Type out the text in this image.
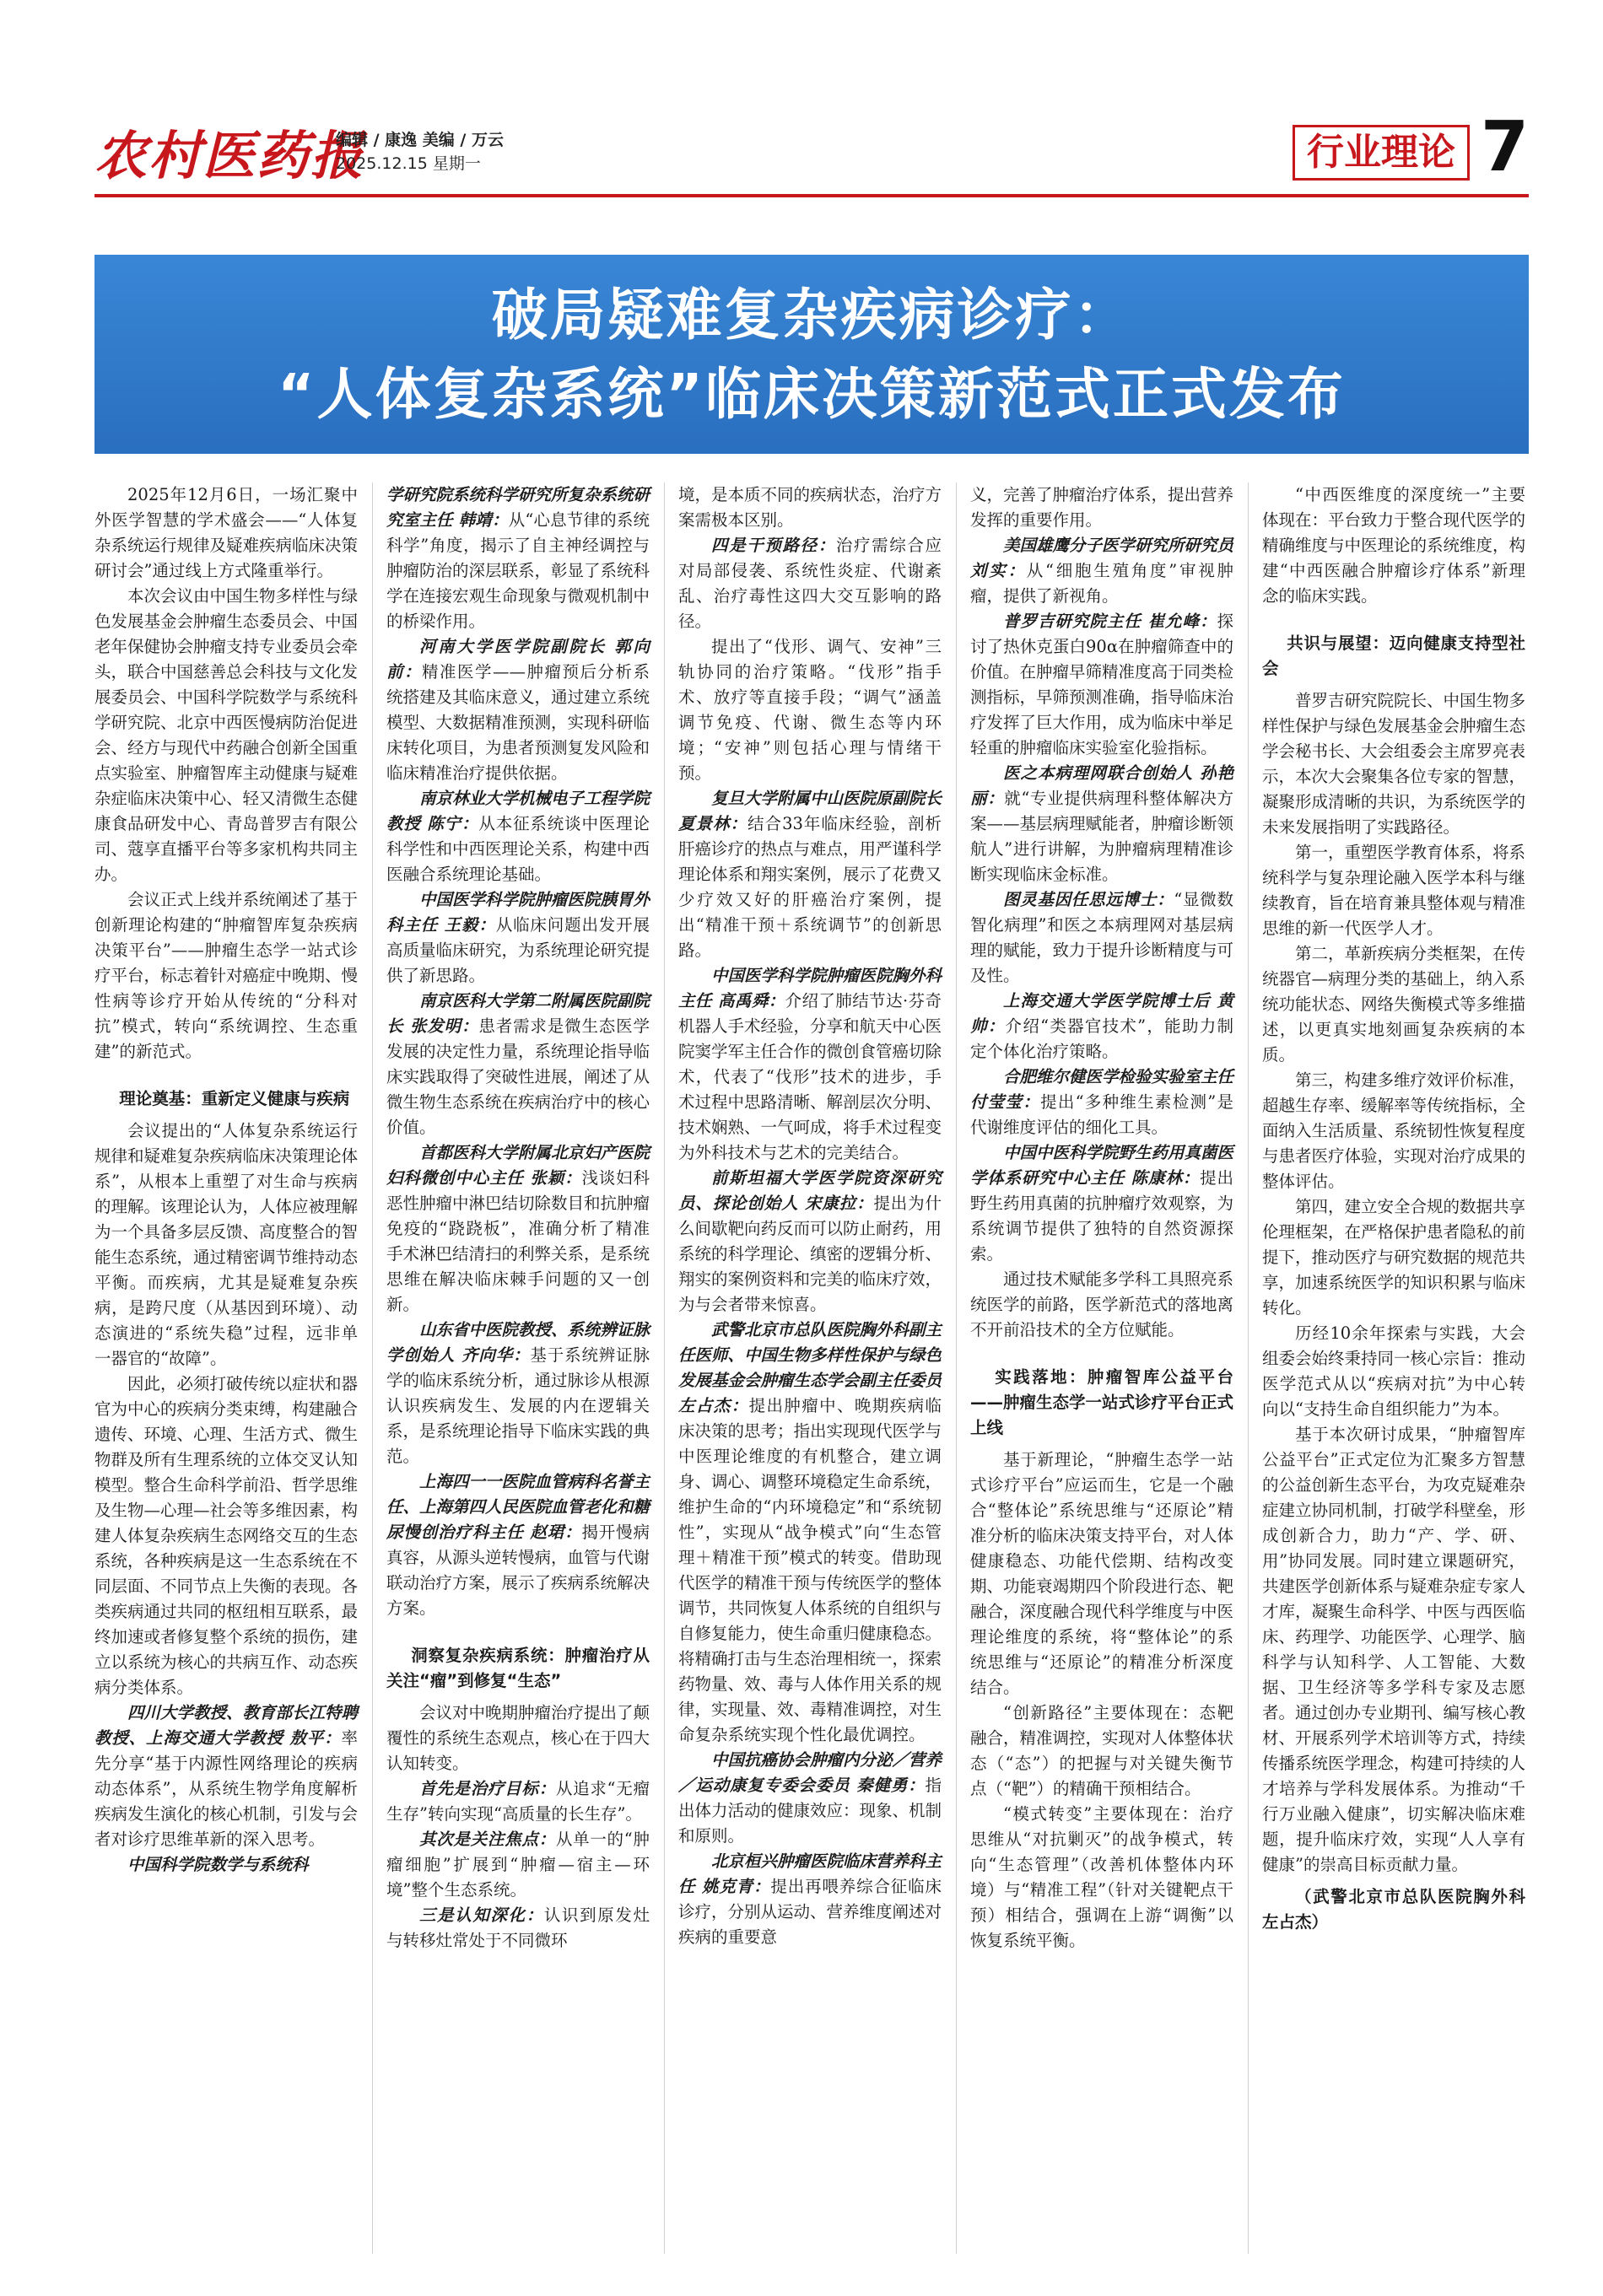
农村医药报
编辑 / 康逸 美编 / 万云
2025.12.15 星期一	行业理论 7
破局疑难复杂疾病诊疗：
“人体复杂系统”临床决策新范式正式发布

2025年12月6日，一场汇聚中外医学智慧的学术盛会——“人体复杂系统运行规律及疑难疾病临床决策研讨会”通过线上方式隆重举行。

本次会议由中国生物多样性与绿色发展基金会肿瘤生态委员会、中国老年保健协会肿瘤支持专业委员会牵头，联合中国慈善总会科技与文化发展委员会、中国科学院数学与系统科学研究院、北京中西医慢病防治促进会、经方与现代中药融合创新全国重点实验室、肿瘤智库主动健康与疑难杂症临床决策中心、轻又清微生态健康食品研发中心、青岛普罗吉有限公司、蔻享直播平台等多家机构共同主办。

会议正式上线并系统阐述了基于创新理论构建的“肿瘤智库复杂疾病决策平台”——肿瘤生态学一站式诊疗平台，标志着针对癌症中晚期、慢性病等诊疗开始从传统的“分科对抗”模式，转向“系统调控、生态重建”的新范式。

理论奠基：重新定义健康与疾病

会议提出的“人体复杂系统运行规律和疑难复杂疾病临床决策理论体系”，从根本上重塑了对生命与疾病的理解。该理论认为，人体应被理解为一个具备多层反馈、高度整合的智能生态系统，通过精密调节维持动态平衡。而疾病，尤其是疑难复杂疾病，是跨尺度（从基因到环境）、动态演进的“系统失稳”过程，远非单一器官的“故障”。

因此，必须打破传统以症状和器官为中心的疾病分类束缚，构建融合遗传、环境、心理、生活方式、微生物群及所有生理系统的立体交叉认知模型。整合生命科学前沿、哲学思维及生物—心理—社会等多维因素，构建人体复杂疾病生态网络交互的生态系统，各种疾病是这一生态系统在不同层面、不同节点上失衡的表现。各类疾病通过共同的枢纽相互联系，最终加速或者修复整个系统的损伤，建立以系统为核心的共病互作、动态疾病分类体系。

四川大学教授、教育部长江特聘教授、上海交通大学教授 敖平：率先分享“基于内源性网络理论的疾病动态体系”，从系统生物学角度解析疾病发生演化的核心机制，引发与会者对诊疗思维革新的深入思考。

中国科学院数学与系统科

学研究院系统科学研究所复杂系统研究室主任 韩靖：从“心息节律的系统科学”角度，揭示了自主神经调控与肿瘤防治的深层联系，彰显了系统科学在连接宏观生命现象与微观机制中的桥梁作用。

河南大学医学院副院长 郭向前：精准医学——肿瘤预后分析系统搭建及其临床意义，通过建立系统模型、大数据精准预测，实现科研临床转化项目，为患者预测复发风险和临床精准治疗提供依据。

南京林业大学机械电子工程学院教授 陈宁：从本征系统谈中医理论科学性和中西医理论关系，构建中西医融合系统理论基础。

中国医学科学院肿瘤医院胰胃外科主任 王毅：从临床问题出发开展高质量临床研究，为系统理论研究提供了新思路。

南京医科大学第二附属医院副院长 张发明：患者需求是微生态医学发展的决定性力量，系统理论指导临床实践取得了突破性进展，阐述了从微生物生态系统在疾病治疗中的核心价值。

首都医科大学附属北京妇产医院妇科微创中心主任 张颖：浅谈妇科恶性肿瘤中淋巴结切除数目和抗肿瘤免疫的“跷跷板”，准确分析了精准手术淋巴结清扫的利弊关系，是系统思维在解决临床棘手问题的又一创新。

山东省中医院教授、系统辨证脉学创始人 齐向华：基于系统辨证脉学的临床系统分析，通过脉诊从根源认识疾病发生、发展的内在逻辑关系，是系统理论指导下临床实践的典范。

上海四一一医院血管病科名誉主任、上海第四人民医院血管老化和糖尿慢创治疗科主任 赵珺：揭开慢病真容，从源头逆转慢病，血管与代谢联动治疗方案，展示了疾病系统解决方案。

洞察复杂疾病系统：肿瘤治疗从关注“瘤”到修复“生态”

会议对中晚期肿瘤治疗提出了颠覆性的系统生态观点，核心在于四大认知转变。

首先是治疗目标：从追求“无瘤生存”转向实现“高质量的长生存”。

其次是关注焦点：从单一的“肿瘤细胞”扩展到“肿瘤—宿主—环境”整个生态系统。

三是认知深化：认识到原发灶与转移灶常处于不同微环

境，是本质不同的疾病状态，治疗方案需极本区别。

四是干预路径：治疗需综合应对局部侵袭、系统性炎症、代谢紊乱、治疗毒性这四大交互影响的路径。

提出了“伐形、调气、安神”三轨协同的治疗策略。“伐形”指手术、放疗等直接手段；“调气”涵盖调节免疫、代谢、微生态等内环境；“安神”则包括心理与情绪干预。

复旦大学附属中山医院原副院长 夏景林：结合33年临床经验，剖析肝癌诊疗的热点与难点，用严谨科学理论体系和翔实案例，展示了花费又少疗效又好的肝癌治疗案例，提出“精准干预＋系统调节”的创新思路。

中国医学科学院肿瘤医院胸外科主任 高禹舜：介绍了肺结节达·芬奇机器人手术经验，分享和航天中心医院窦学军主任合作的微创食管癌切除术，代表了“伐形”技术的进步，手术过程中思路清晰、解剖层次分明、技术娴熟、一气呵成，将手术过程变为外科技术与艺术的完美结合。

前斯坦福大学医学院资深研究员、探论创始人 宋康拉：提出为什么间歇靶向药反而可以防止耐药，用系统的科学理论、缜密的逻辑分析、翔实的案例资料和完美的临床疗效，为与会者带来惊喜。

武警北京市总队医院胸外科副主任医师、中国生物多样性保护与绿色发展基金会肿瘤生态学会副主任委员 左占杰：提出肿瘤中、晚期疾病临床决策的思考；指出实现现代医学与中医理论维度的有机整合，建立调身、调心、调整环境稳定生命系统，维护生命的“内环境稳定”和“系统韧性”，实现从“战争模式”向“生态管理＋精准干预”模式的转变。借助现代医学的精准干预与传统医学的整体调节，共同恢复人体系统的自组织与自修复能力，使生命重归健康稳态。将精确打击与生态治理相统一，探索药物量、效、毒与人体作用关系的规律，实现量、效、毒精准调控，对生命复杂系统实现个性化最优调控。

中国抗癌协会肿瘤内分泌／营养／运动康复专委会委员 秦健勇：指出体力活动的健康效应：现象、机制和原则。

北京桓兴肿瘤医院临床营养科主任 姚克青：提出再喂养综合征临床诊疗，分别从运动、营养维度阐述对疾病的重要意

义，完善了肿瘤治疗体系，提出营养发挥的重要作用。

美国雄鹰分子医学研究所研究员 刘实：从“细胞生殖角度”审视肿瘤，提供了新视角。

普罗吉研究院主任 崔允峰：探讨了热休克蛋白90α在肿瘤筛查中的价值。在肿瘤早筛精准度高于同类检测指标，早筛预测准确，指导临床治疗发挥了巨大作用，成为临床中举足轻重的肿瘤临床实验室化验指标。

医之本病理网联合创始人 孙艳丽：就“专业提供病理科整体解决方案——基层病理赋能者，肿瘤诊断领航人”进行讲解，为肿瘤病理精准诊断实现临床金标准。

图灵基因任思远博士：“显微数智化病理”和医之本病理网对基层病理的赋能，致力于提升诊断精度与可及性。

上海交通大学医学院博士后 黄帅：介绍“类器官技术”，能助力制定个体化治疗策略。

合肥维尔健医学检验实验室主任 付莹莹：提出“多种维生素检测”是代谢维度评估的细化工具。

中国中医科学院野生药用真菌医学体系研究中心主任 陈康林：提出野生药用真菌的抗肿瘤疗效观察，为系统调节提供了独特的自然资源探索。

通过技术赋能多学科工具照亮系统医学的前路，医学新范式的落地离不开前沿技术的全方位赋能。

实践落地：肿瘤智库公益平台——肿瘤生态学一站式诊疗平台正式上线

基于新理论，“肿瘤生态学一站式诊疗平台”应运而生，它是一个融合“整体论”系统思维与“还原论”精准分析的临床决策支持平台，对人体健康稳态、功能代偿期、结构改变期、功能衰竭期四个阶段进行态、靶融合，深度融合现代科学维度与中医理论维度的系统，将“整体论”的系统思维与“还原论”的精准分析深度结合。

“创新路径”主要体现在：态靶融合，精准调控，实现对人体整体状态（“态”）的把握与对关键失衡节点（“靶”）的精确干预相结合。

“模式转变”主要体现在：治疗思维从“对抗剿灭”的战争模式，转向“生态管理”（改善机体整体内环境）与“精准工程”（针对关键靶点干预）相结合，强调在上游“调衡”以恢复系统平衡。

“中西医维度的深度统一”主要体现在：平台致力于整合现代医学的精确维度与中医理论的系统维度，构建“中西医融合肿瘤诊疗体系”新理念的临床实践。

共识与展望：迈向健康支持型社会

普罗吉研究院院长、中国生物多样性保护与绿色发展基金会肿瘤生态学会秘书长、大会组委会主席罗亮表示，本次大会聚集各位专家的智慧，凝聚形成清晰的共识，为系统医学的未来发展指明了实践路径。

第一，重塑医学教育体系，将系统科学与复杂理论融入医学本科与继续教育，旨在培育兼具整体观与精准思维的新一代医学人才。

第二，革新疾病分类框架，在传统器官—病理分类的基础上，纳入系统功能状态、网络失衡模式等多维描述，以更真实地刻画复杂疾病的本质。

第三，构建多维疗效评价标准，超越生存率、缓解率等传统指标，全面纳入生活质量、系统韧性恢复程度与患者医疗体验，实现对治疗成果的整体评估。

第四，建立安全合规的数据共享伦理框架，在严格保护患者隐私的前提下，推动医疗与研究数据的规范共享，加速系统医学的知识积累与临床转化。

历经10余年探索与实践，大会组委会始终秉持同一核心宗旨：推动医学范式从以“疾病对抗”为中心转向以“支持生命自组织能力”为本。

基于本次研讨成果，“肿瘤智库公益平台”正式定位为汇聚多方智慧的公益创新生态平台，为攻克疑难杂症建立协同机制，打破学科壁垒，形成创新合力，助力“产、学、研、用”协同发展。同时建立课题研究，共建医学创新体系与疑难杂症专家人才库，凝聚生命科学、中医与西医临床、药理学、功能医学、心理学、脑科学与认知科学、人工智能、大数据、卫生经济等多学科专家及志愿者。通过创办专业期刊、编写核心教材、开展系列学术培训等方式，持续传播系统医学理念，构建可持续的人才培养与学科发展体系。为推动“千行万业融入健康”，切实解决临床难题，提升临床疗效，实现“人人享有健康”的崇高目标贡献力量。

（武警北京市总队医院胸外科　左占杰）
